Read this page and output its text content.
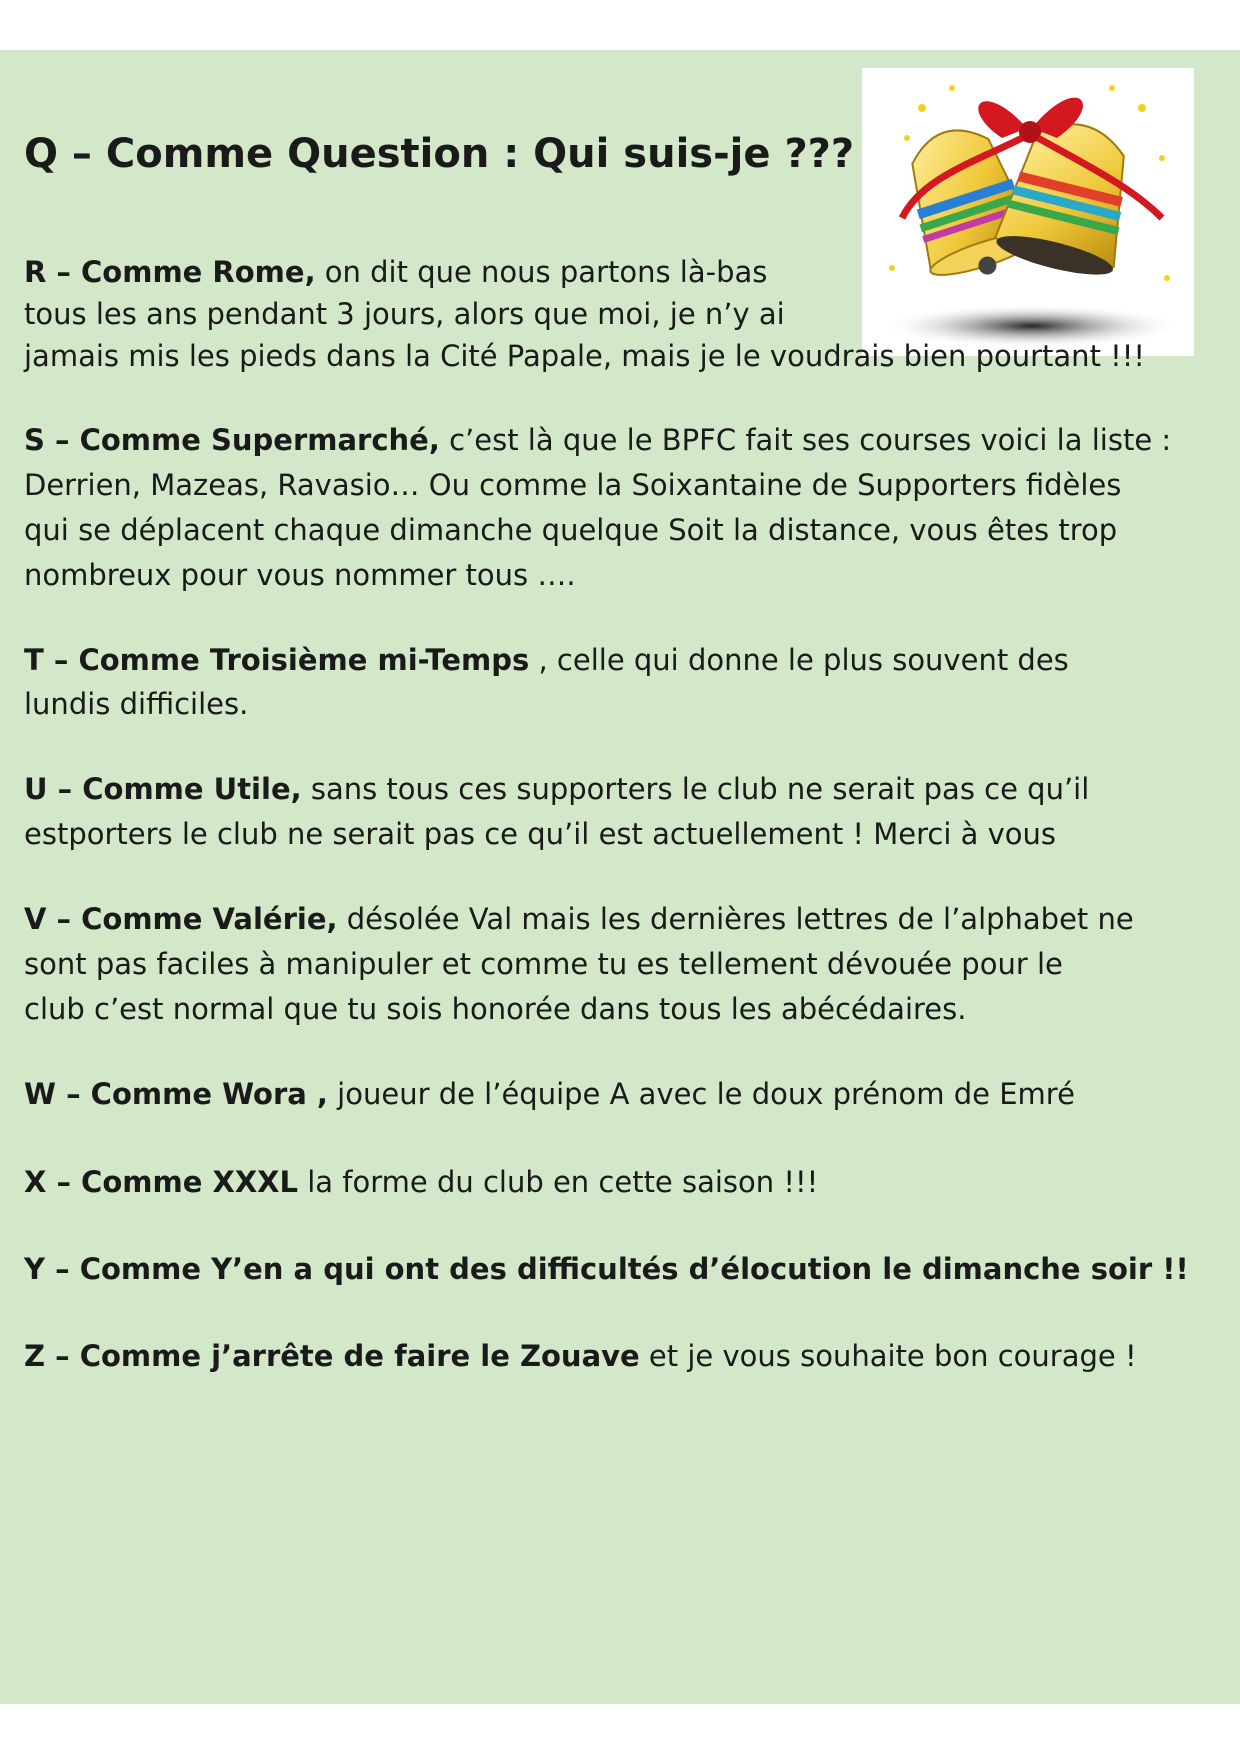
Q – Comme Question : Qui suis-je ???

R – Comme Rome, on dit que nous partons là-bas

tous les ans pendant 3 jours, alors que moi, je n’y ai

jamais mis les pieds dans la Cité Papale, mais je le voudrais bien pourtant !!!

S – Comme Supermarché, c’est là que le BPFC fait ses courses voici la liste :

Derrien, Mazeas, Ravasio… Ou comme la Soixantaine de Supporters fidèles

qui se déplacent chaque dimanche quelque Soit la distance, vous êtes trop

nombreux pour vous nommer tous ….

T – Comme Troisième mi-Temps , celle qui donne le plus souvent des

lundis difficiles.

U – Comme Utile, sans tous ces supporters le club ne serait pas ce qu’il

estporters le club ne serait pas ce qu’il est actuellement ! Merci à vous

V – Comme Valérie, désolée Val mais les dernières lettres de l’alphabet ne

sont pas faciles à manipuler et comme tu es tellement dévouée pour le

club c’est normal que tu sois honorée dans tous les abécédaires.

W – Comme Wora , joueur de l’équipe A avec le doux prénom de Emré

X – Comme XXXL la forme du club en cette saison !!!

Y – Comme Y’en a qui ont des difficultés d’élocution le dimanche soir !!

Z – Comme j’arrête de faire le Zouave et je vous souhaite bon courage !
